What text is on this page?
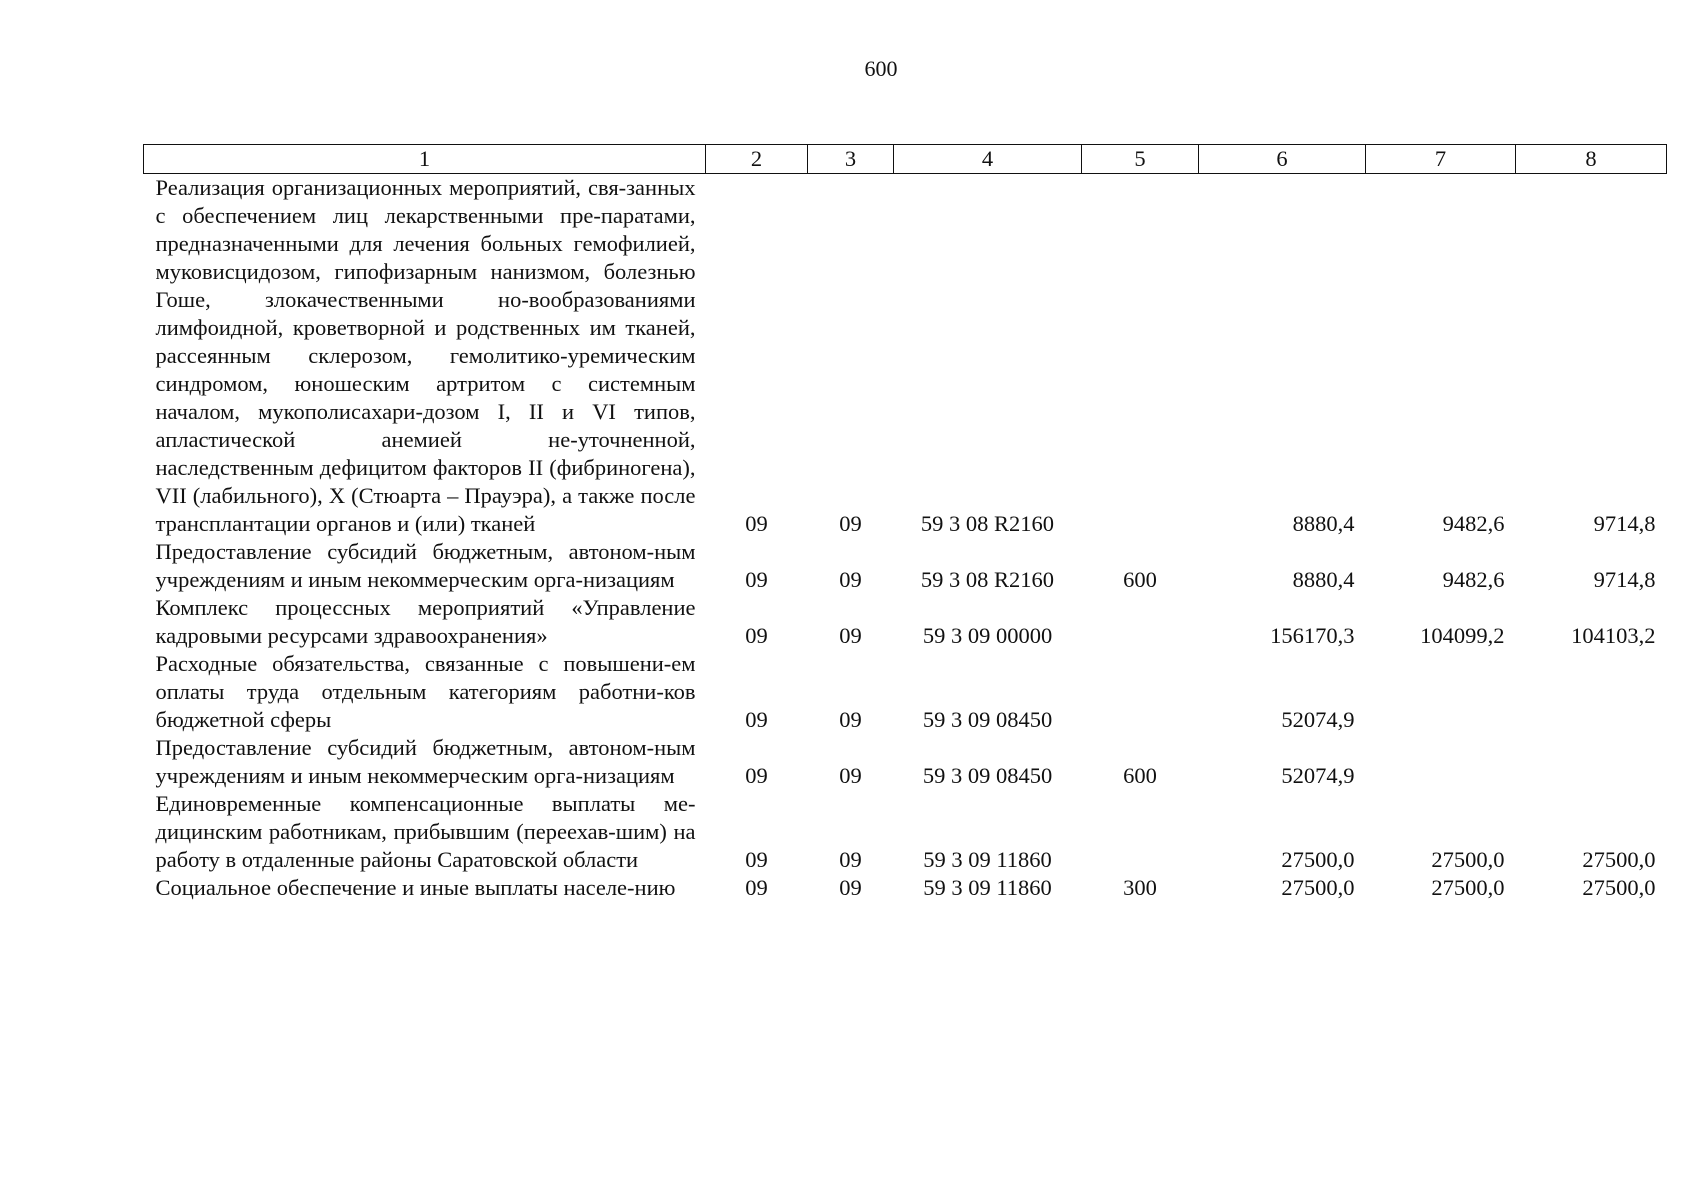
600
1	2	3	4	5	6	7	8
Реализация организационных мероприятий, свя-занных с обеспечением лиц лекарственными пре-паратами, предназначенными для лечения больных гемофилией, муковисцидозом, гипофизарным нанизмом, болезнью Гоше, злокачественными но-вообразованиями лимфоидной, кроветворной и родственных им тканей, рассеянным склерозом, гемолитико-уремическим синдромом, юношеским артритом с системным началом, мукополисахари-дозом I, II и VI типов, апластической анемией не-уточненной, наследственным дефицитом факторов II (фибриногена), VII (лабильного), X (Стюарта – Прауэра), а также после трансплантации органов и (или) тканей	09	09	59 3 08 R2160		8880,4	9482,6	9714,8
Предоставление субсидий бюджетным, автоном-ным учреждениям и иным некоммерческим орга-низациям	09	09	59 3 08 R2160	600	8880,4	9482,6	9714,8
Комплекс процессных мероприятий «Управление кадровыми ресурсами здравоохранения»	09	09	59 3 09 00000		156170,3	104099,2	104103,2
Расходные обязательства, связанные с повышени-ем оплаты труда отдельным категориям работни-ков бюджетной сферы	09	09	59 3 09 08450		52074,9		
Предоставление субсидий бюджетным, автоном-ным учреждениям и иным некоммерческим орга-низациям	09	09	59 3 09 08450	600	52074,9		
Единовременные компенсационные выплаты ме-дицинским работникам, прибывшим (переехав-шим) на работу в отдаленные районы Саратовской области	09	09	59 3 09 11860		27500,0	27500,0	27500,0
Социальное обеспечение и иные выплаты населе-нию	09	09	59 3 09 11860	300	27500,0	27500,0	27500,0
